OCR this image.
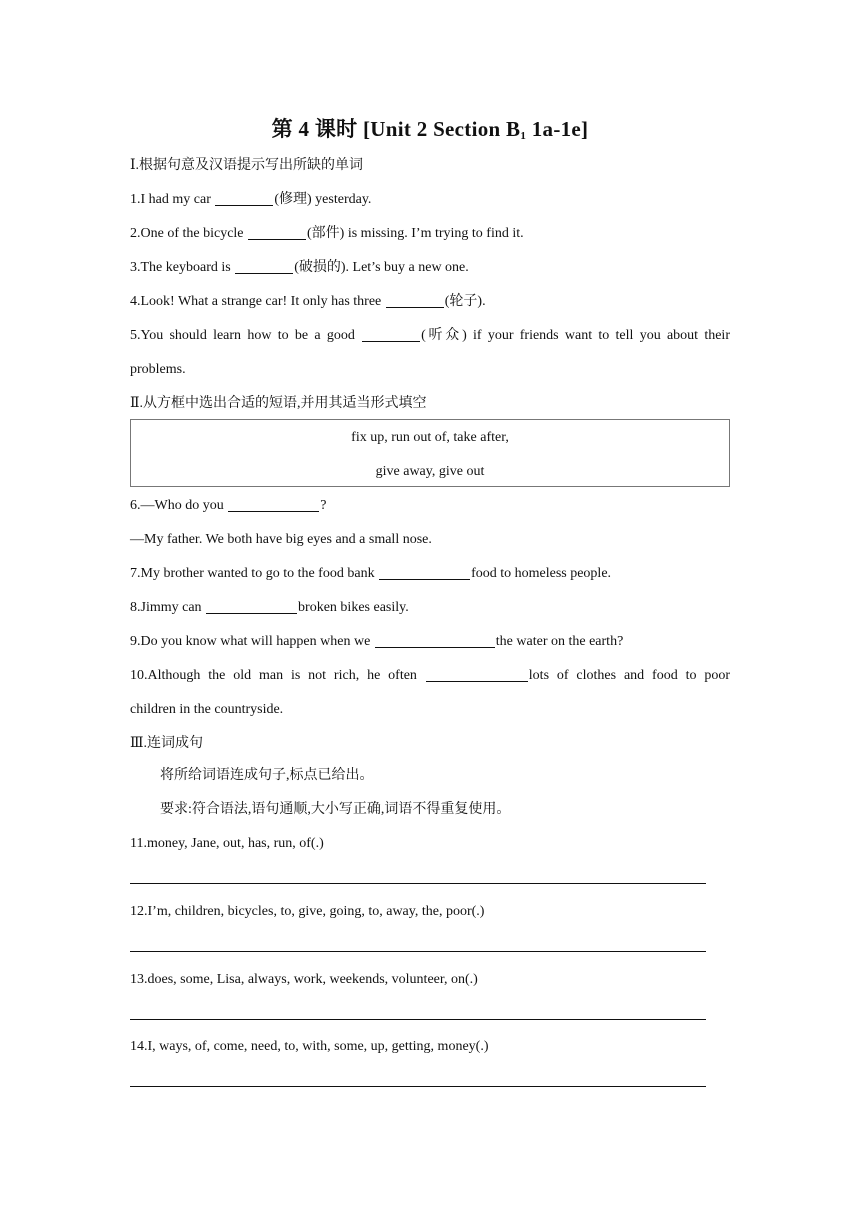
第 4 课时 [Unit 2 Section $B_1$ 1a-1e]
Ⅰ.根据句意及汉语提示写出所缺的单词
1.I had my car	(修理) yesterday.
2.One of the bicycle	(部件) is missing. I’m trying to find it.
3.The keyboard is	(破损的). Let’s buy a new one.
4.Look! What a strange car! It only has three	(轮子).
5.You should learn how to be a good	(听众) if your friends want to tell you about their
problems.
Ⅱ.从方框中选出合适的短语,并用其适当形式填空
fix up, run out of, take after,
give away, give out
6.—Who do you	?
—My father. We both have big eyes and a small nose.
7.My brother wanted to go to the food bank	food to homeless people.
8.Jimmy can	broken bikes easily.
9.Do you know what will happen when we	the water on the earth?
10.Although the old man is not rich, he often	lots of clothes and food to poor
children in the countryside.
Ⅲ.连词成句
将所给词语连成句子,标点已给出。
要求:符合语法,语句通顺,大小写正确,词语不得重复使用。
11.money, Jane, out, has, run, of(.)
12.I’m, children, bicycles, to, give, going, to, away, the, poor(.)
13.does, some, Lisa, always, work, weekends, volunteer, on(.)
14.I, ways, of, come, need, to, with, some, up, getting, money(.)
